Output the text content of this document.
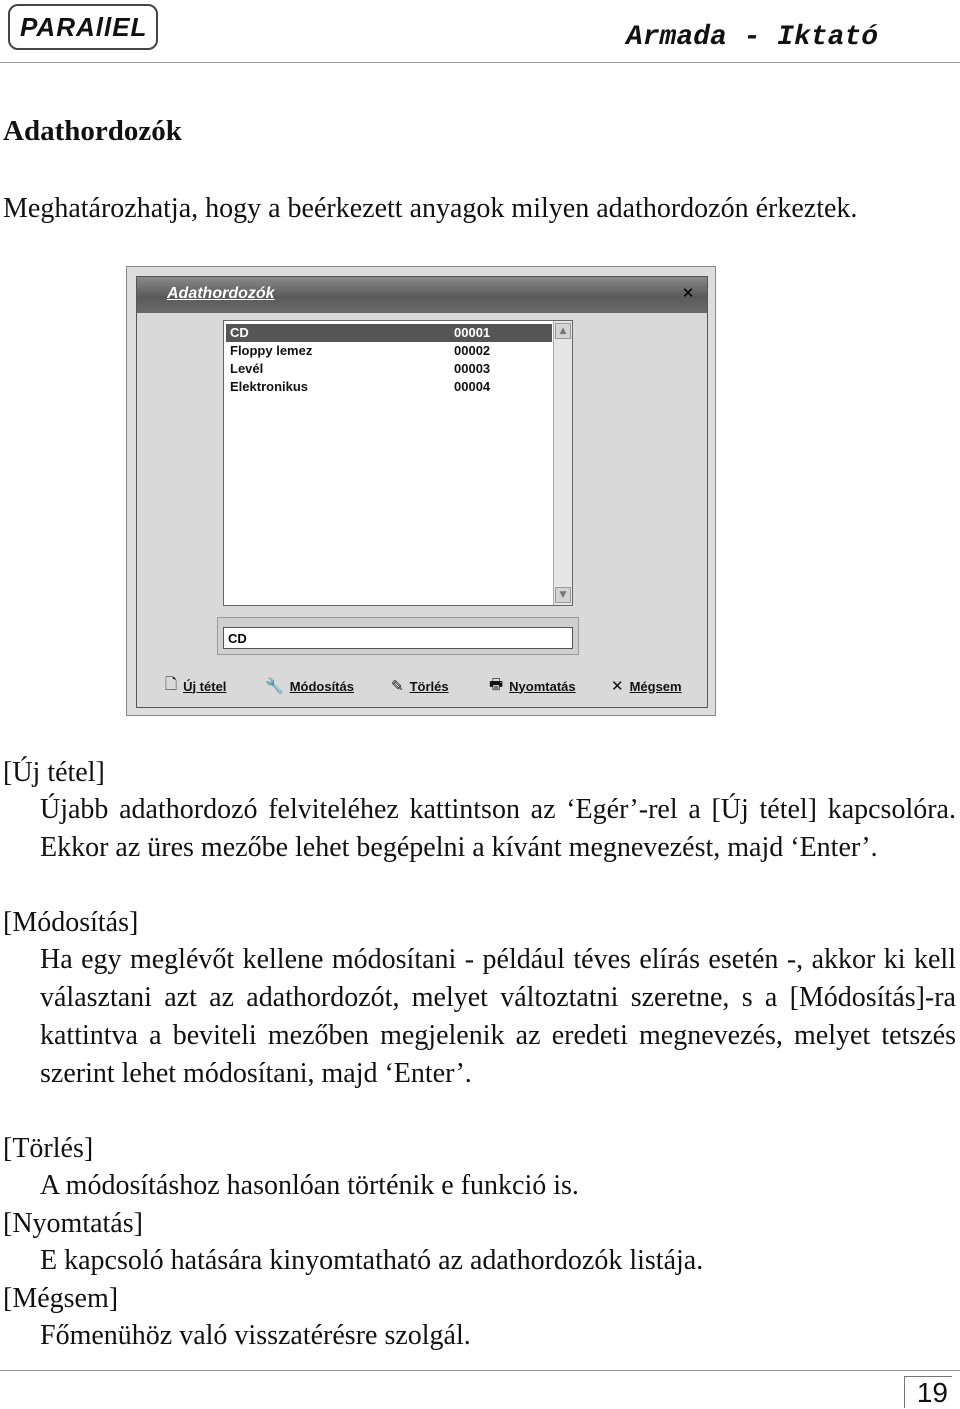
PARAllEL	Armada - Iktató
Adathordozók
Meghatározhatja, hogy a beérkezett anyagok milyen adathordozón érkeztek.
Adathordozók	✕
CD	00001
Floppy lemez	00002
Levél	00003
Elektronikus	00004
▲
▼
CD
🗋 Új tétel	🔧 Módosítás ✎ Törlés	🖶 Nyomtatás ✕ Mégsem
[Új tétel]
Újabb adathordozó felviteléhez kattintson az ‘Egér’-rel a [Új tétel] kapcsolóra. Ekkor az üres mezőbe lehet begépelni a kívánt megnevezést, majd ‘Enter’.
[Módosítás]
Ha egy meglévőt kellene módosítani - például téves elírás esetén -, akkor ki kell választani azt az adathordozót, melyet változtatni szeretne, s a [Módosítás]-ra kattintva a beviteli mezőben megjelenik az eredeti megnevezés, melyet tetszés szerint lehet módosítani, majd ‘Enter’.
[Törlés]
A módosításhoz hasonlóan történik e funkció is.
[Nyomtatás]
E kapcsoló hatására kinyomtatható az adathordozók listája.
[Mégsem]
Főmenühöz való visszatérésre szolgál.
19
